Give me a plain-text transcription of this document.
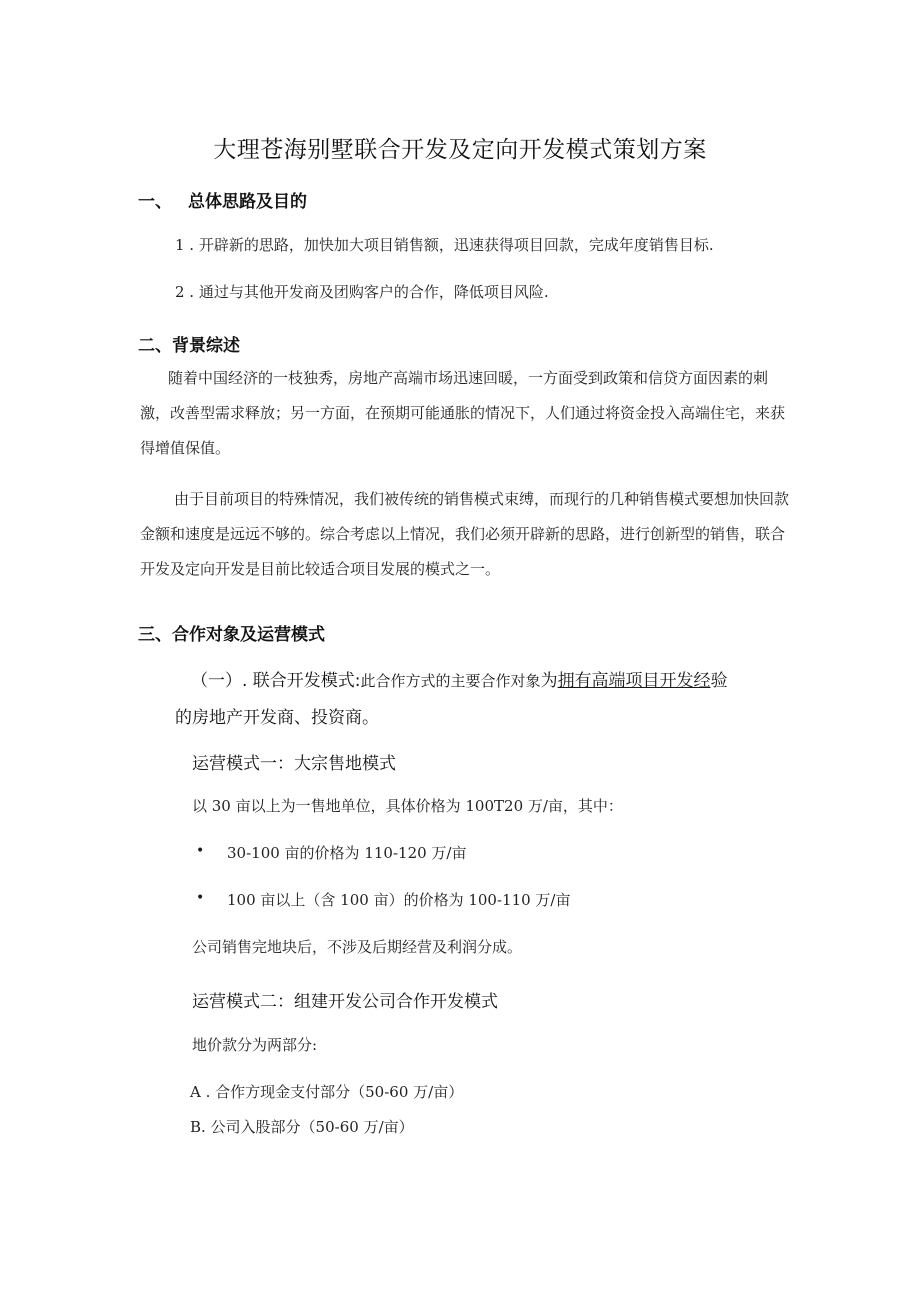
大理苍海别墅联合开发及定向开发模式策划方案
一、 总体思路及目的
1 . 开辟新的思路，加快加大项目销售额，迅速获得项目回款，完成年度销售目标.
2 . 通过与其他开发商及团购客户的合作，降低项目风险.
二、背景综述
随着中国经济的一枝独秀，房地产高端市场迅速回暖，一方面受到政策和信贷方面因素的刺激，改善型需求释放；另一方面，在预期可能通胀的情况下，人们通过将资金投入高端住宅，来获得增值保值。
由于目前项目的特殊情况，我们被传统的销售模式束缚，而现行的几种销售模式要想加快回款金额和速度是远远不够的。综合考虑以上情况，我们必须开辟新的思路，进行创新型的销售，联合开发及定向开发是目前比较适合项目发展的模式之一。
三、合作对象及运营模式
（一）. 联合开发模式:此合作方式的主要合作对象为拥有高端项目开发经验
的房地产开发商、投资商。
运营模式一：大宗售地模式
以 30 亩以上为一售地单位，具体价格为 100T20 万/亩，其中：
• 30-100 亩的价格为 110-120 万/亩
• 100 亩以上（含 100 亩）的价格为 100-110 万/亩
公司销售完地块后，不涉及后期经营及利润分成。
运营模式二：组建开发公司合作开发模式
地价款分为两部分:
A . 合作方现金支付部分（50-60 万/亩）
B. 公司入股部分（50-60 万/亩）
